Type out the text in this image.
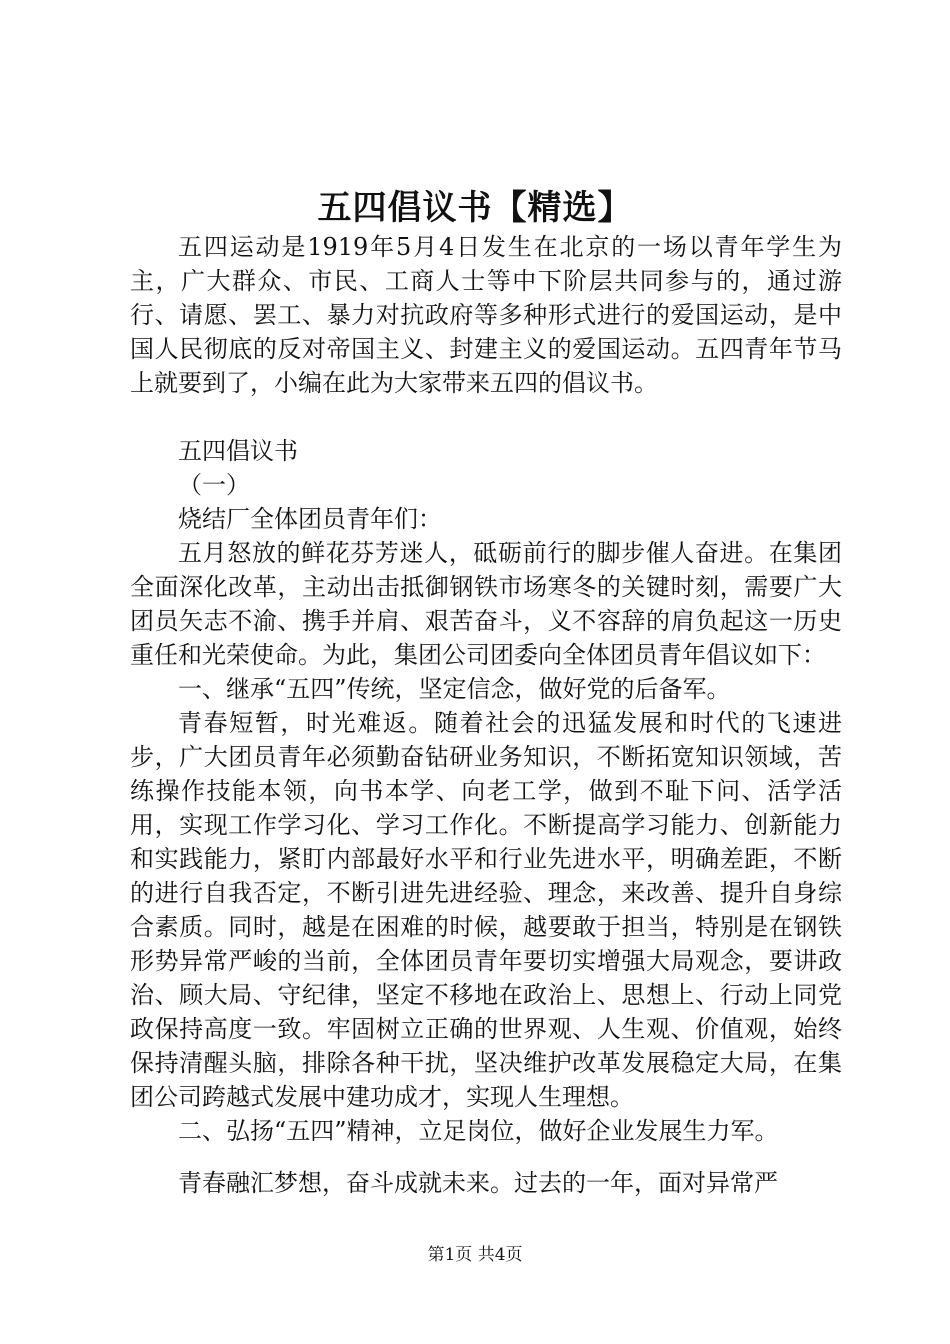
五四倡议书【精选】

五四运动是1919年5月4日发生在北京的一场以青年学生为主，广大群众、市民、工商人士等中下阶层共同参与的，通过游行、请愿、罢工、暴力对抗政府等多种形式进行的爱国运动，是中国人民彻底的反对帝国主义、封建主义的爱国运动。五四青年节马上就要到了，小编在此为大家带来五四的倡议书。

五四倡议书

（一）

烧结厂全体团员青年们：

五月怒放的鲜花芬芳迷人，砥砺前行的脚步催人奋进。在集团全面深化改革，主动出击抵御钢铁市场寒冬的关键时刻，需要广大团员矢志不渝、携手并肩、艰苦奋斗，义不容辞的肩负起这一历史重任和光荣使命。为此，集团公司团委向全体团员青年倡议如下：

一、继承“五四”传统，坚定信念，做好党的后备军。

青春短暂，时光难返。随着社会的迅猛发展和时代的飞速进步，广大团员青年必须勤奋钻研业务知识，不断拓宽知识领域，苦练操作技能本领，向书本学、向老工学，做到不耻下问、活学活用，实现工作学习化、学习工作化。不断提高学习能力、创新能力和实践能力，紧盯内部最好水平和行业先进水平，明确差距，不断的进行自我否定，不断引进先进经验、理念，来改善、提升自身综合素质。同时，越是在困难的时候，越要敢于担当，特别是在钢铁形势异常严峻的当前，全体团员青年要切实增强大局观念，要讲政治、顾大局、守纪律，坚定不移地在政治上、思想上、行动上同党政保持高度一致。牢固树立正确的世界观、人生观、价值观，始终保持清醒头脑，排除各种干扰，坚决维护改革发展稳定大局，在集团公司跨越式发展中建功成才，实现人生理想。

二、弘扬“五四”精神，立足岗位，做好企业发展生力军。

青春融汇梦想，奋斗成就未来。过去的一年，面对异常严

第1页 共4页
